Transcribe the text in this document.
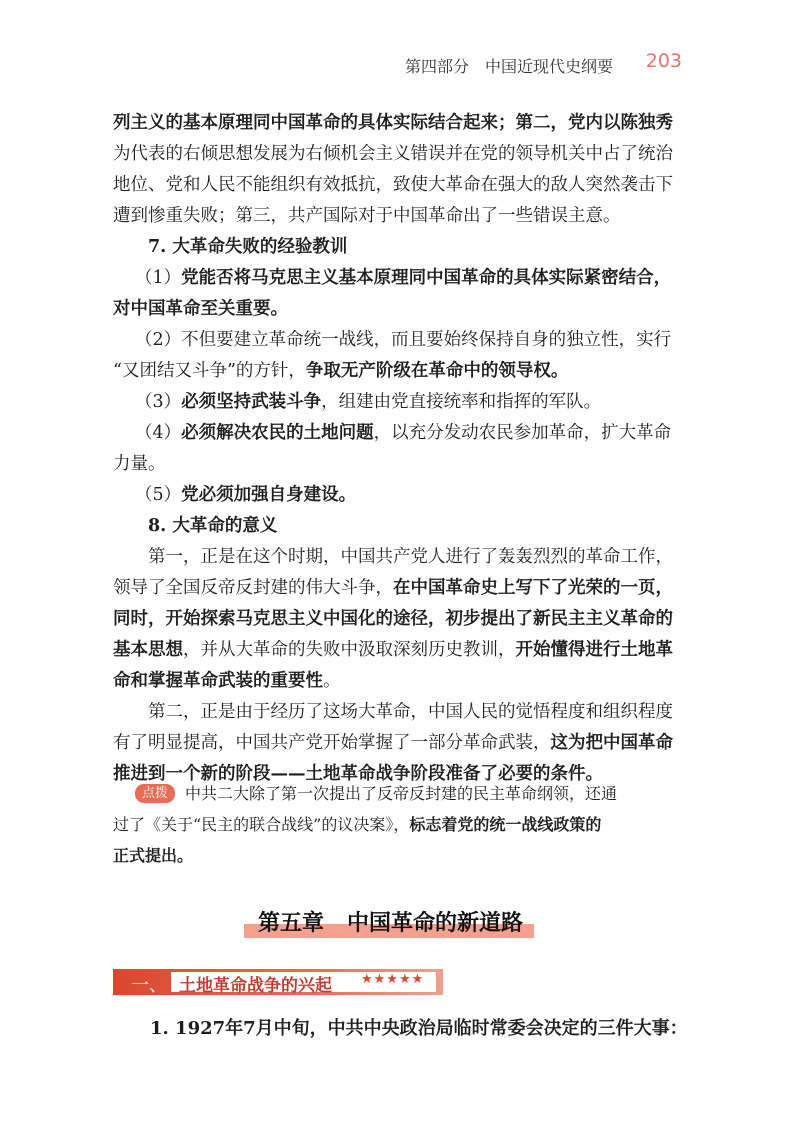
第四部分 中国近现代史纲要 203
列主义的基本原理同中国革命的具体实际结合起来；第二，党内以陈独秀
为代表的右倾思想发展为右倾机会主义错误并在党的领导机关中占了统治
地位、党和人民不能组织有效抵抗，致使大革命在强大的敌人突然袭击下
遭到惨重失败；第三，共产国际对于中国革命出了一些错误主意。
7. 大革命失败的经验教训
（1）党能否将马克思主义基本原理同中国革命的具体实际紧密结合，
对中国革命至关重要。
（2）不但要建立革命统一战线，而且要始终保持自身的独立性，实行
“又团结又斗争”的方针，争取无产阶级在革命中的领导权。
（3）必须坚持武装斗争，组建由党直接统率和指挥的军队。
（4）必须解决农民的土地问题，以充分发动农民参加革命，扩大革命
力量。
（5）党必须加强自身建设。
8. 大革命的意义
第一，正是在这个时期，中国共产党人进行了轰轰烈烈的革命工作，
领导了全国反帝反封建的伟大斗争，在中国革命史上写下了光荣的一页，
同时，开始探索马克思主义中国化的途径，初步提出了新民主主义革命的
基本思想，并从大革命的失败中汲取深刻历史教训，开始懂得进行土地革
命和掌握革命武装的重要性。
第二，正是由于经历了这场大革命，中国人民的觉悟程度和组织程度
有了明显提高，中国共产党开始掌握了一部分革命武装，这为把中国革命
推进到一个新的阶段——土地革命战争阶段准备了必要的条件。
点拨 中共二大除了第一次提出了反帝反封建的民主革命纲领，还通
过了《关于“民主的联合战线”的议决案》，标志着党的统一战线政策的
正式提出。
第五章 中国革命的新道路
一、 土地革命战争的兴起 ★★★★★
1. 1927年7月中旬，中共中央政治局临时常委会决定的三件大事：
